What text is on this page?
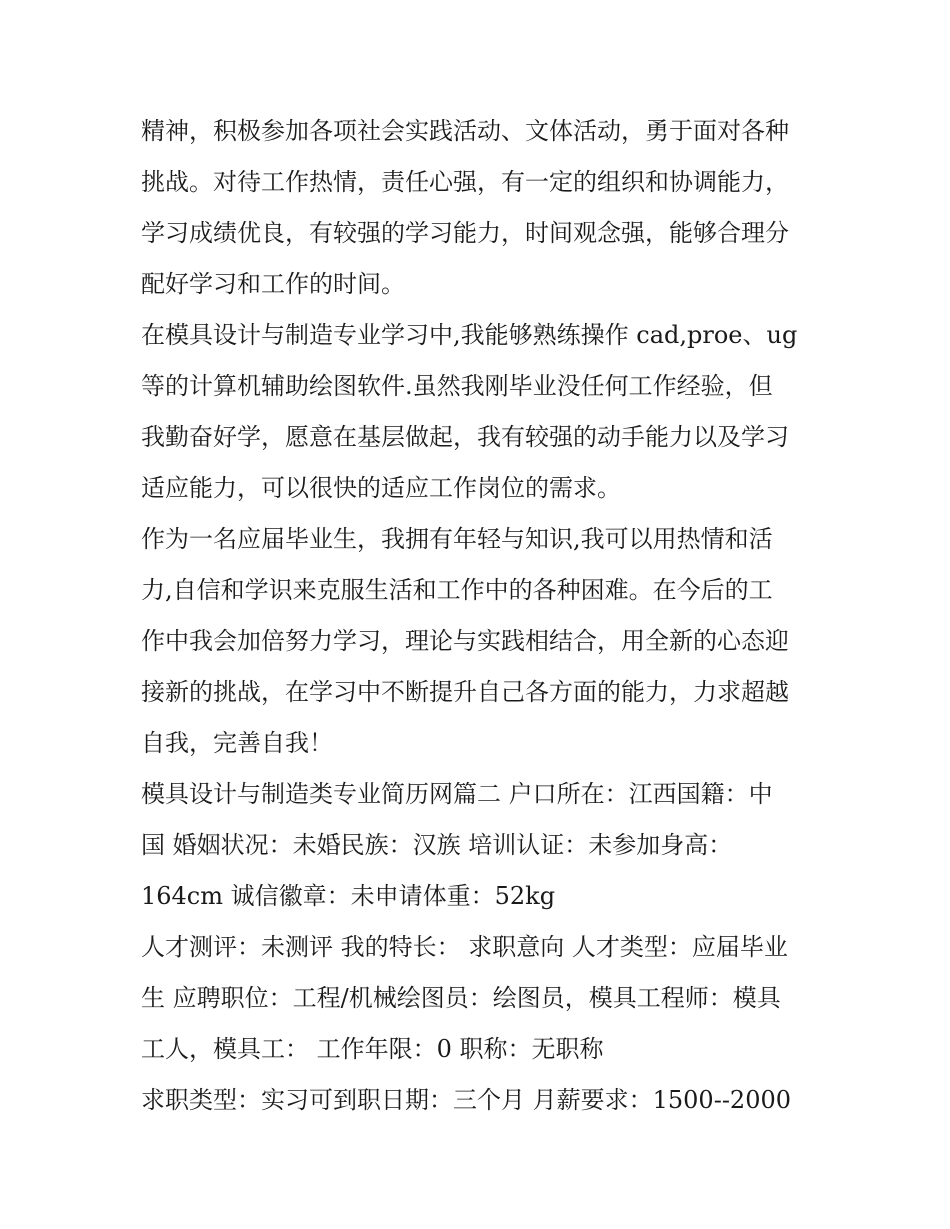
精神，积极参加各项社会实践活动、文体活动，勇于面对各种
挑战。对待工作热情，责任心强，有一定的组织和协调能力，
学习成绩优良，有较强的学习能力，时间观念强，能够合理分
配好学习和工作的时间。
在模具设计与制造专业学习中,我能够熟练操作 cad,proe、ug
等的计算机辅助绘图软件.虽然我刚毕业没任何工作经验，但
我勤奋好学，愿意在基层做起，我有较强的动手能力以及学习
适应能力，可以很快的适应工作岗位的需求。
作为一名应届毕业生，我拥有年轻与知识,我可以用热情和活
力,自信和学识来克服生活和工作中的各种困难。在今后的工
作中我会加倍努力学习，理论与实践相结合，用全新的心态迎
接新的挑战，在学习中不断提升自己各方面的能力，力求超越
自我，完善自我！
模具设计与制造类专业简历网篇二 户口所在：江西国籍：中
国 婚姻状况：未婚民族：汉族 培训认证：未参加身高：
164cm 诚信徽章：未申请体重：52kg
人才测评：未测评 我的特长： 求职意向 人才类型：应届毕业
生 应聘职位：工程/机械绘图员：绘图员，模具工程师：模具
工人，模具工： 工作年限：0 职称：无职称
求职类型：实习可到职日期：三个月 月薪要求：1500--2000
